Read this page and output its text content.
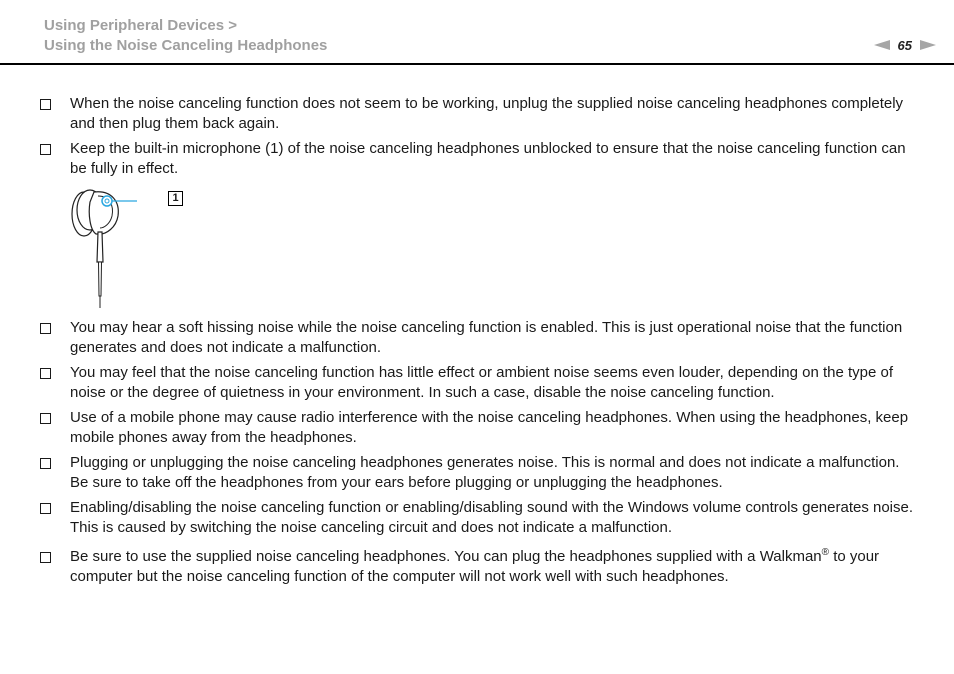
Using Peripheral Devices >
Using the Noise Canceling Headphones	65
When the noise canceling function does not seem to be working, unplug the supplied noise canceling headphones completely and then plug them back again.
Keep the built-in microphone (1) of the noise canceling headphones unblocked to ensure that the noise canceling function can be fully in effect.
1
You may hear a soft hissing noise while the noise canceling function is enabled. This is just operational noise that the function generates and does not indicate a malfunction.
You may feel that the noise canceling function has little effect or ambient noise seems even louder, depending on the type of noise or the degree of quietness in your environment. In such a case, disable the noise canceling function.
Use of a mobile phone may cause radio interference with the noise canceling headphones. When using the headphones, keep mobile phones away from the headphones.
Plugging or unplugging the noise canceling headphones generates noise. This is normal and does not indicate a malfunction. Be sure to take off the headphones from your ears before plugging or unplugging the headphones.
Enabling/disabling the noise canceling function or enabling/disabling sound with the Windows volume controls generates noise. This is caused by switching the noise canceling circuit and does not indicate a malfunction.
Be sure to use the supplied noise canceling headphones. You can plug the headphones supplied with a Walkman® to your computer but the noise canceling function of the computer will not work well with such headphones.
